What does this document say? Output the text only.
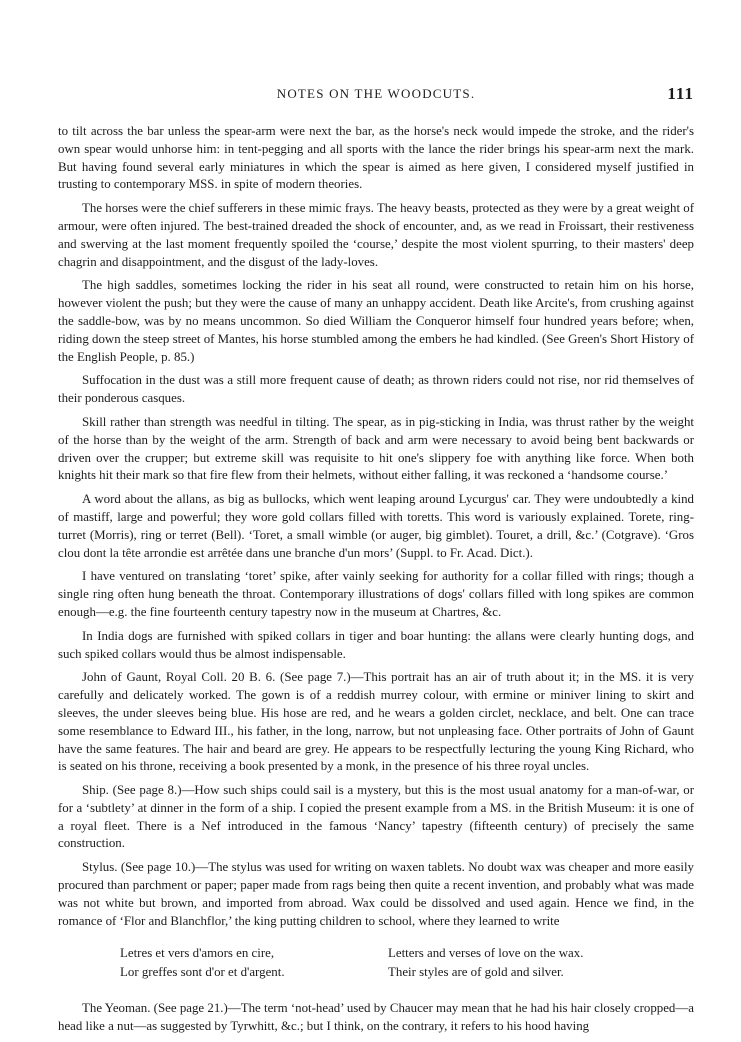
NOTES ON THE WOODCUTS.	111

to tilt across the bar unless the spear-arm were next the bar, as the horse's neck would impede the stroke, and the rider's own spear would unhorse him: in tent-pegging and all sports with the lance the rider brings his spear-arm next the mark. But having found several early miniatures in which the spear is aimed as here given, I considered myself justified in trusting to contemporary MSS. in spite of modern theories.

The horses were the chief sufferers in these mimic frays. The heavy beasts, protected as they were by a great weight of armour, were often injured. The best-trained dreaded the shock of encounter, and, as we read in Froissart, their restiveness and swerving at the last moment frequently spoiled the ‘course,’ despite the most violent spurring, to their masters' deep chagrin and disappointment, and the disgust of the lady-loves.

The high saddles, sometimes locking the rider in his seat all round, were constructed to retain him on his horse, however violent the push; but they were the cause of many an unhappy accident. Death like Arcite's, from crushing against the saddle-bow, was by no means uncommon. So died William the Conqueror himself four hundred years before; when, riding down the steep street of Mantes, his horse stumbled among the embers he had kindled. (See Green's Short History of the English People, p. 85.)

Suffocation in the dust was a still more frequent cause of death; as thrown riders could not rise, nor rid themselves of their ponderous casques.

Skill rather than strength was needful in tilting. The spear, as in pig-sticking in India, was thrust rather by the weight of the horse than by the weight of the arm. Strength of back and arm were necessary to avoid being bent backwards or driven over the crupper; but extreme skill was requisite to hit one's slippery foe with anything like force. When both knights hit their mark so that fire flew from their helmets, without either falling, it was reckoned a ‘handsome course.’

A word about the allans, as big as bullocks, which went leaping around Lycurgus' car. They were undoubtedly a kind of mastiff, large and powerful; they wore gold collars filled with toretts. This word is variously explained. Torete, ring-turret (Morris), ring or terret (Bell). ‘Toret, a small wimble (or auger, big gimblet). Touret, a drill, &c.’ (Cotgrave). ‘Gros clou dont la tête arrondie est arrêtée dans une branche d'un mors’ (Suppl. to Fr. Acad. Dict.).

I have ventured on translating ‘toret’ spike, after vainly seeking for authority for a collar filled with rings; though a single ring often hung beneath the throat. Contemporary illustrations of dogs' collars filled with long spikes are common enough—e.g. the fine fourteenth century tapestry now in the museum at Chartres, &c.

In India dogs are furnished with spiked collars in tiger and boar hunting: the allans were clearly hunting dogs, and such spiked collars would thus be almost indispensable.

John of Gaunt, Royal Coll. 20 B. 6. (See page 7.)—This portrait has an air of truth about it; in the MS. it is very carefully and delicately worked. The gown is of a reddish murrey colour, with ermine or miniver lining to skirt and sleeves, the under sleeves being blue. His hose are red, and he wears a golden circlet, necklace, and belt. One can trace some resemblance to Edward III., his father, in the long, narrow, but not unpleasing face. Other portraits of John of Gaunt have the same features. The hair and beard are grey. He appears to be respectfully lecturing the young King Richard, who is seated on his throne, receiving a book presented by a monk, in the presence of his three royal uncles.

Ship. (See page 8.)—How such ships could sail is a mystery, but this is the most usual anatomy for a man-of-war, or for a ‘subtlety’ at dinner in the form of a ship. I copied the present example from a MS. in the British Museum: it is one of a royal fleet. There is a Nef introduced in the famous ‘Nancy’ tapestry (fifteenth century) of precisely the same construction.

Stylus. (See page 10.)—The stylus was used for writing on waxen tablets. No doubt wax was cheaper and more easily procured than parchment or paper; paper made from rags being then quite a recent invention, and probably what was made was not white but brown, and imported from abroad. Wax could be dissolved and used again. Hence we find, in the romance of ‘Flor and Blanchflor,’ the king putting children to school, where they learned to write

Letres et vers d'amors en cire,
Lor greffes sont d'or et d'argent.
Letters and verses of love on the wax.
Their styles are of gold and silver.

The Yeoman. (See page 21.)—The term ‘not-head’ used by Chaucer may mean that he had his hair closely cropped—a head like a nut—as suggested by Tyrwhitt, &c.; but I think, on the contrary, it refers to his hood having
